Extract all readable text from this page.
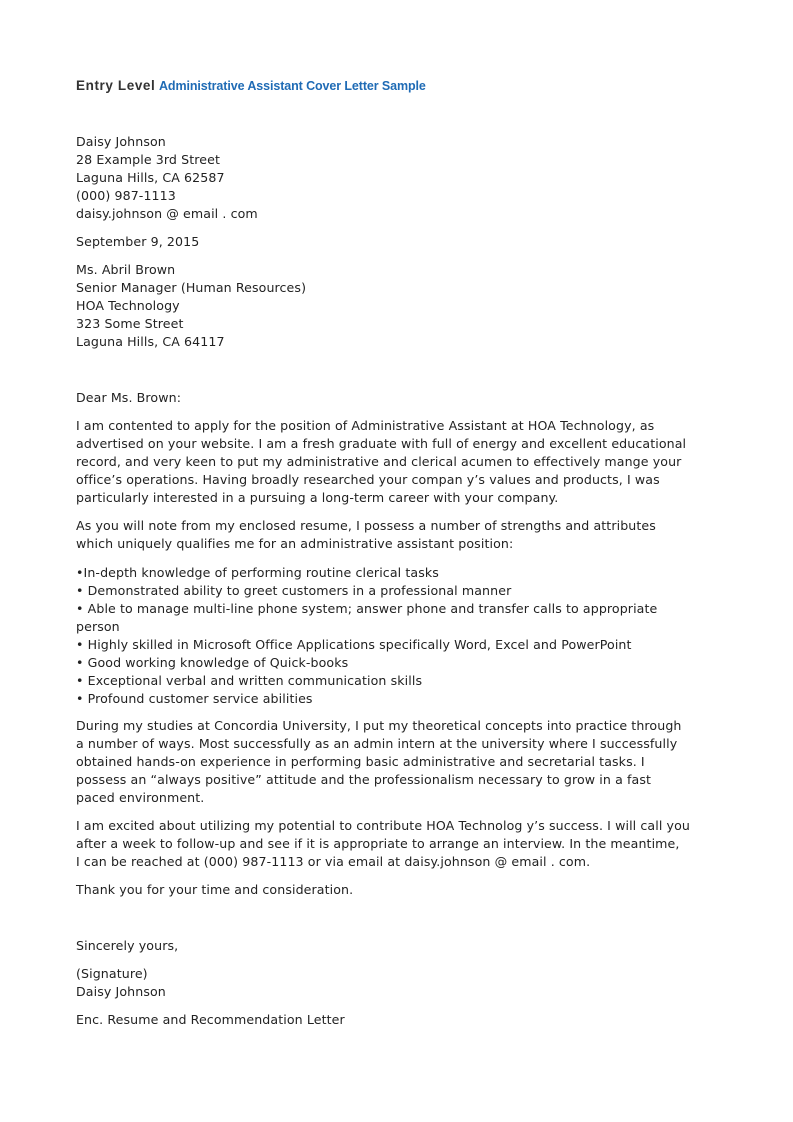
Entry Level Administrative Assistant Cover Letter Sample
Daisy Johnson
28 Example 3rd Street
Laguna Hills, CA 62587
(000) 987-1113
daisy.johnson @ email . com
September 9, 2015
Ms. Abril Brown
Senior Manager (Human Resources)
HOA Technology
323 Some Street
Laguna Hills, CA 64117
Dear Ms. Brown:
I am contented to apply for the position of Administrative Assistant at HOA Technology, as
advertised on your website. I am a fresh graduate with full of energy and excellent educational
record, and very keen to put my administrative and clerical acumen to effectively mange your
office’s operations. Having broadly researched your compan y’s values and products, I was
particularly interested in a pursuing a long-term career with your company.
As you will note from my enclosed resume, I possess a number of strengths and attributes
which uniquely qualifies me for an administrative assistant position:
•In-depth knowledge of performing routine clerical tasks
• Demonstrated ability to greet customers in a professional manner
• Able to manage multi-line phone system; answer phone and transfer calls to appropriate
person
• Highly skilled in Microsoft Office Applications specifically Word, Excel and PowerPoint
• Good working knowledge of Quick-books
• Exceptional verbal and written communication skills
• Profound customer service abilities
During my studies at Concordia University, I put my theoretical concepts into practice through
a number of ways. Most successfully as an admin intern at the university where I successfully
obtained hands-on experience in performing basic administrative and secretarial tasks. I
possess an “always positive” attitude and the professionalism necessary to grow in a fast
paced environment.
I am excited about utilizing my potential to contribute HOA Technolog y’s success. I will call you
after a week to follow-up and see if it is appropriate to arrange an interview. In the meantime,
I can be reached at (000) 987-1113 or via email at daisy.johnson @ email . com.
Thank you for your time and consideration.
Sincerely yours,
(Signature)
Daisy Johnson
Enc. Resume and Recommendation Letter
